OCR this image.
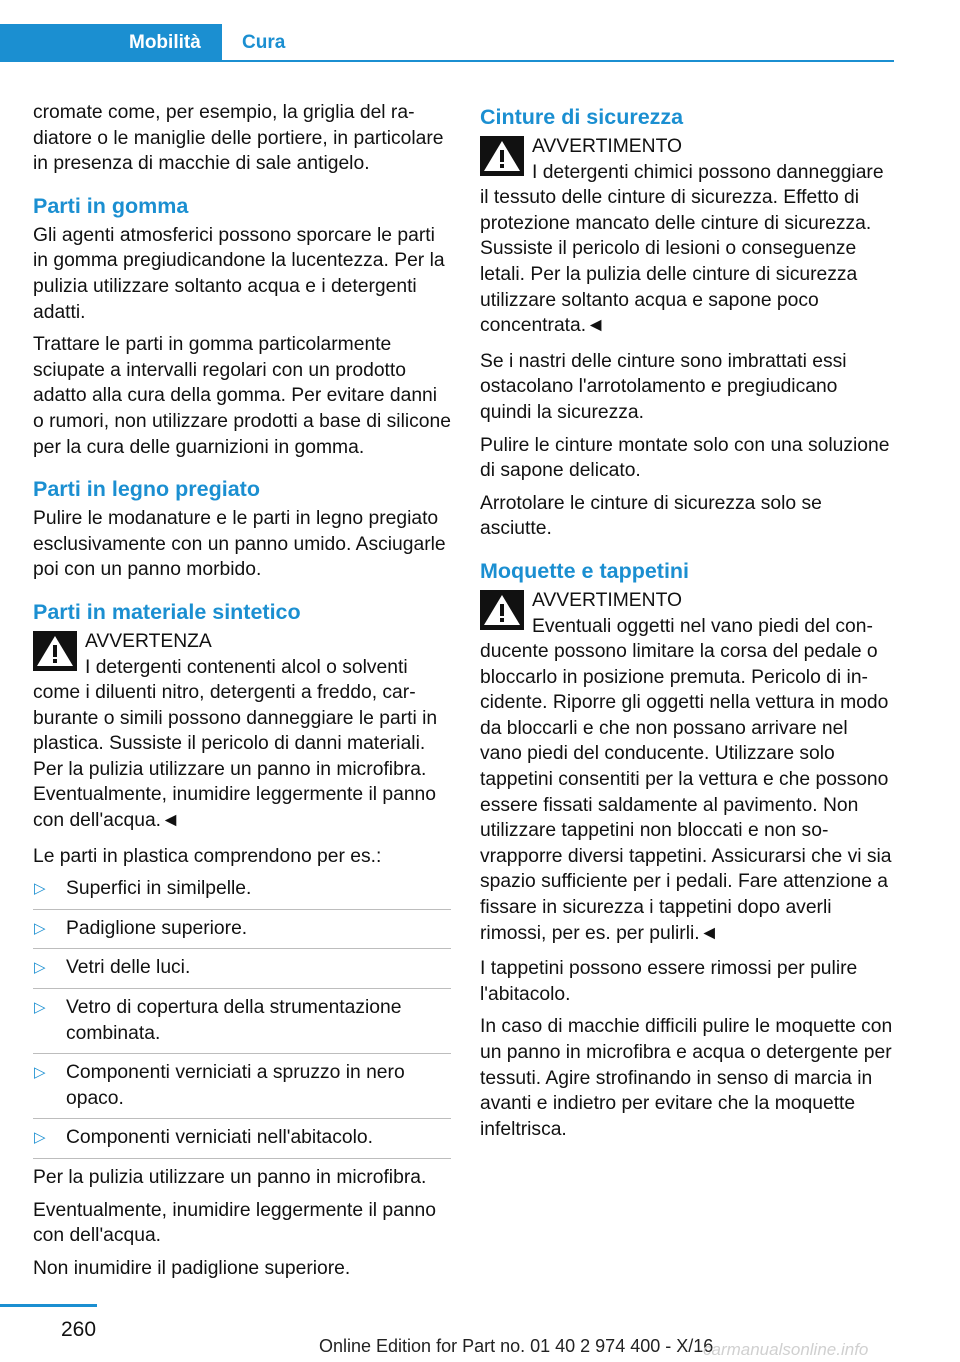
Mobilità Cura

cromate come, per esempio, la griglia del radiatore o le maniglie delle portiere, in particolare in presenza di macchie di sale antigelo.

Parti in gomma

Gli agenti atmosferici possono sporcare le parti in gomma pregiudicandone la lucentezza. Per la pulizia utilizzare soltanto acqua e i detergenti adatti.

Trattare le parti in gomma particolarmente sciupate a intervalli regolari con un prodotto adatto alla cura della gomma. Per evitare danni o rumori, non utilizzare prodotti a base di silicone per la cura delle guarnizioni in gomma.

Parti in legno pregiato

Pulire le modanature e le parti in legno pregiato esclusivamente con un panno umido. Asciugarle poi con un panno morbido.

Parti in materiale sintetico
AVVERTENZA
I detergenti contenenti alcol o solventi come i diluenti nitro, detergenti a freddo, carburante o simili possono danneggiare le parti in plastica. Sussiste il pericolo di danni materiali. Per la pulizia utilizzare un panno in microfibra. Eventualmente, inumidire leggermente il panno con dell'acqua.◄

Le parti in plastica comprendono per es.:

▷ Superfici in similpelle.
▷ Padiglione superiore.
▷ Vetri delle luci.
▷ Vetro di copertura della strumentazione combinata.
▷ Componenti verniciati a spruzzo in nero opaco.
▷ Componenti verniciati nell'abitacolo.

Per la pulizia utilizzare un panno in microfibra.

Eventualmente, inumidire leggermente il panno con dell'acqua.

Non inumidire il padiglione superiore.

Cinture di sicurezza
AVVERTIMENTO
I detergenti chimici possono danneggiare il tessuto delle cinture di sicurezza. Effetto di protezione mancato delle cinture di sicurezza. Sussiste il pericolo di lesioni o conseguenze letali. Per la pulizia delle cinture di sicurezza utilizzare soltanto acqua e sapone poco concentrata.◄

Se i nastri delle cinture sono imbrattati essi ostacolano l'arrotolamento e pregiudicano quindi la sicurezza.

Pulire le cinture montate solo con una soluzione di sapone delicato.

Arrotolare le cinture di sicurezza solo se asciutte.

Moquette e tappetini
AVVERTIMENTO
Eventuali oggetti nel vano piedi del conducente possono limitare la corsa del pedale o bloccarlo in posizione premuta. Pericolo di incidente. Riporre gli oggetti nella vettura in modo da bloccarli e che non possano arrivare nel vano piedi del conducente. Utilizzare solo tappetini consentiti per la vettura e che possono essere fissati saldamente al pavimento. Non utilizzare tappetini non bloccati e non sovrapporre diversi tappetini. Assicurarsi che vi sia spazio sufficiente per i pedali. Fare attenzione a fissare in sicurezza i tappetini dopo averli rimossi, per es. per pulirli.◄

I tappetini possono essere rimossi per pulire l'abitacolo.

In caso di macchie difficili pulire le moquette con un panno in microfibra e acqua o detergente per tessuti. Agire strofinando in senso di marcia in avanti e indietro per evitare che la moquette infeltrisca.

260
Online Edition for Part no. 01 40 2 974 400 - X/16
carmanualsonline.info
